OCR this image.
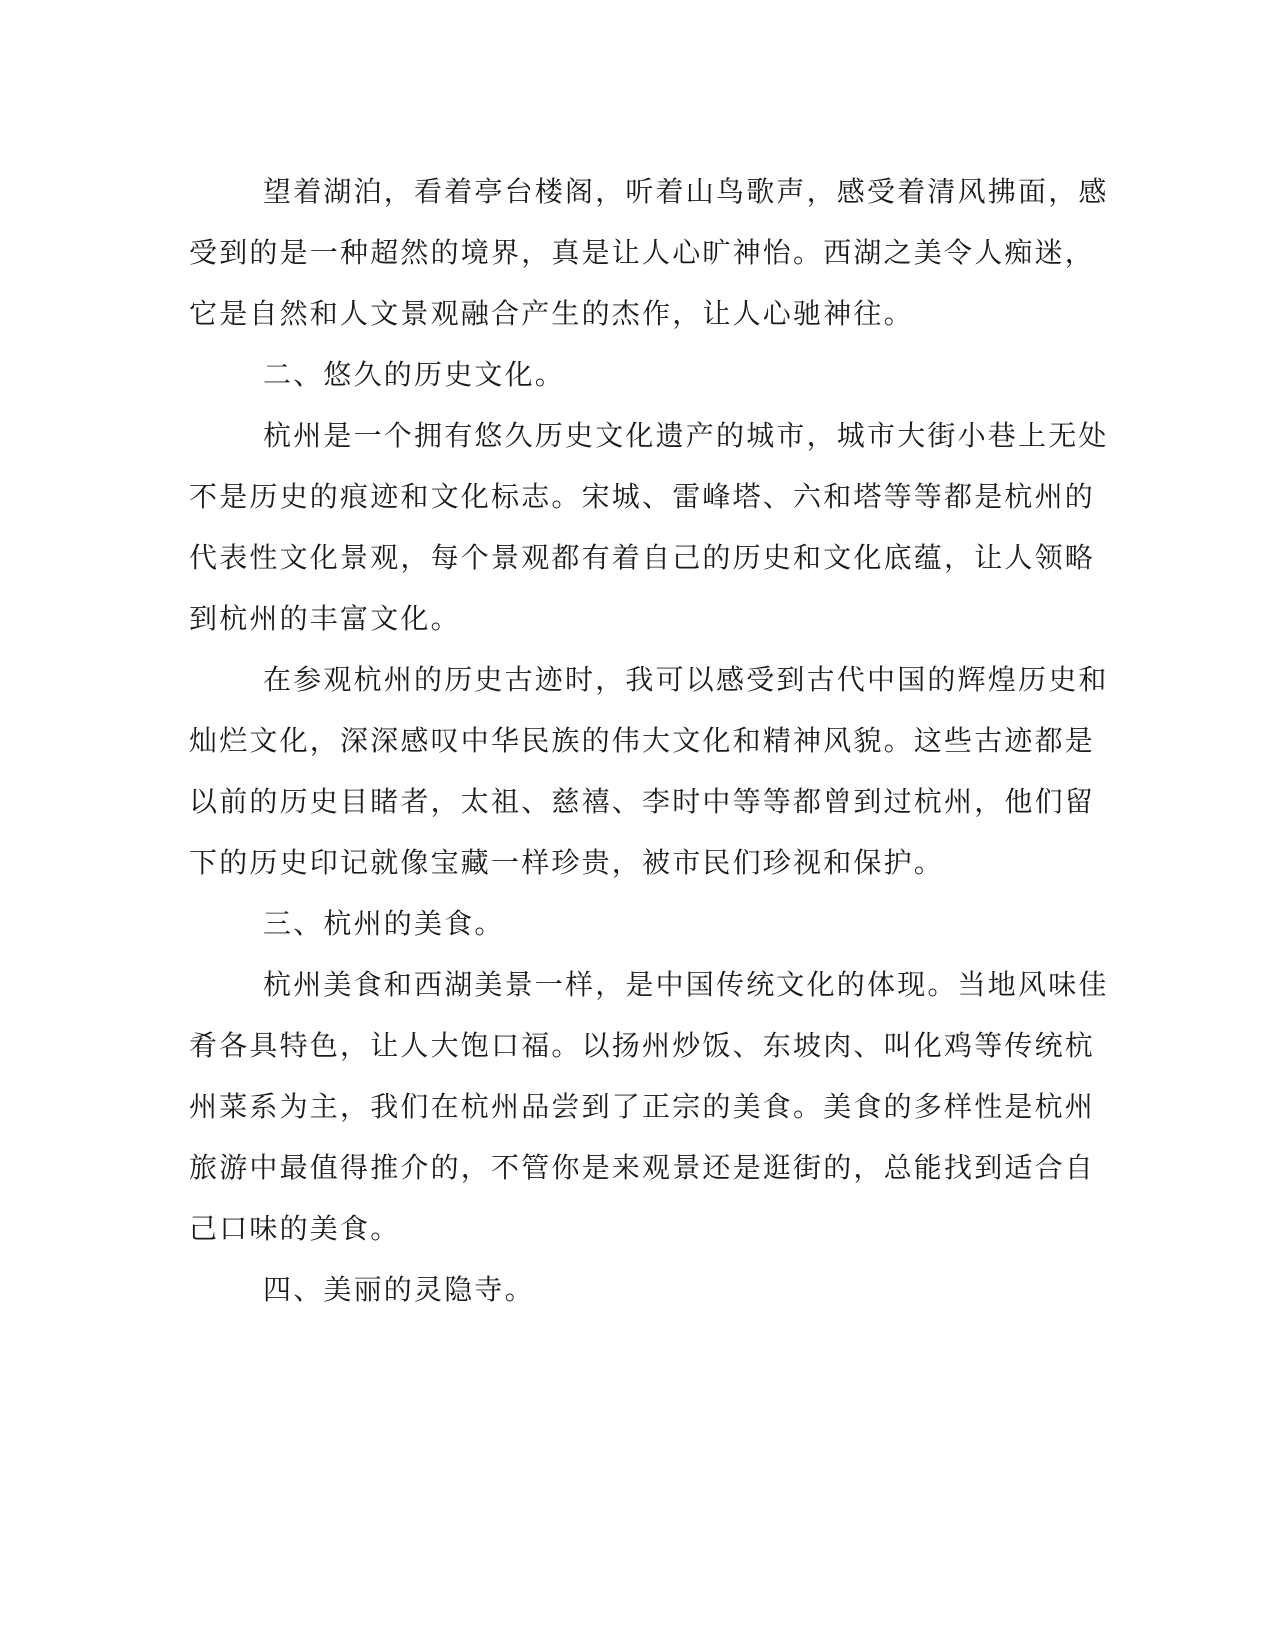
望着湖泊，看着亭台楼阁，听着山鸟歌声，感受着清风拂面，感
受到的是一种超然的境界，真是让人心旷神怡。西湖之美令人痴迷，
它是自然和人文景观融合产生的杰作，让人心驰神往。
二、悠久的历史文化。
杭州是一个拥有悠久历史文化遗产的城市，城市大街小巷上无处
不是历史的痕迹和文化标志。宋城、雷峰塔、六和塔等等都是杭州的
代表性文化景观，每个景观都有着自己的历史和文化底蕴，让人领略
到杭州的丰富文化。
在参观杭州的历史古迹时，我可以感受到古代中国的辉煌历史和
灿烂文化，深深感叹中华民族的伟大文化和精神风貌。这些古迹都是
以前的历史目睹者，太祖、慈禧、李时中等等都曾到过杭州，他们留
下的历史印记就像宝藏一样珍贵，被市民们珍视和保护。
三、杭州的美食。
杭州美食和西湖美景一样，是中国传统文化的体现。当地风味佳
肴各具特色，让人大饱口福。以扬州炒饭、东坡肉、叫化鸡等传统杭
州菜系为主，我们在杭州品尝到了正宗的美食。美食的多样性是杭州
旅游中最值得推介的，不管你是来观景还是逛街的，总能找到适合自
己口味的美食。
四、美丽的灵隐寺。
